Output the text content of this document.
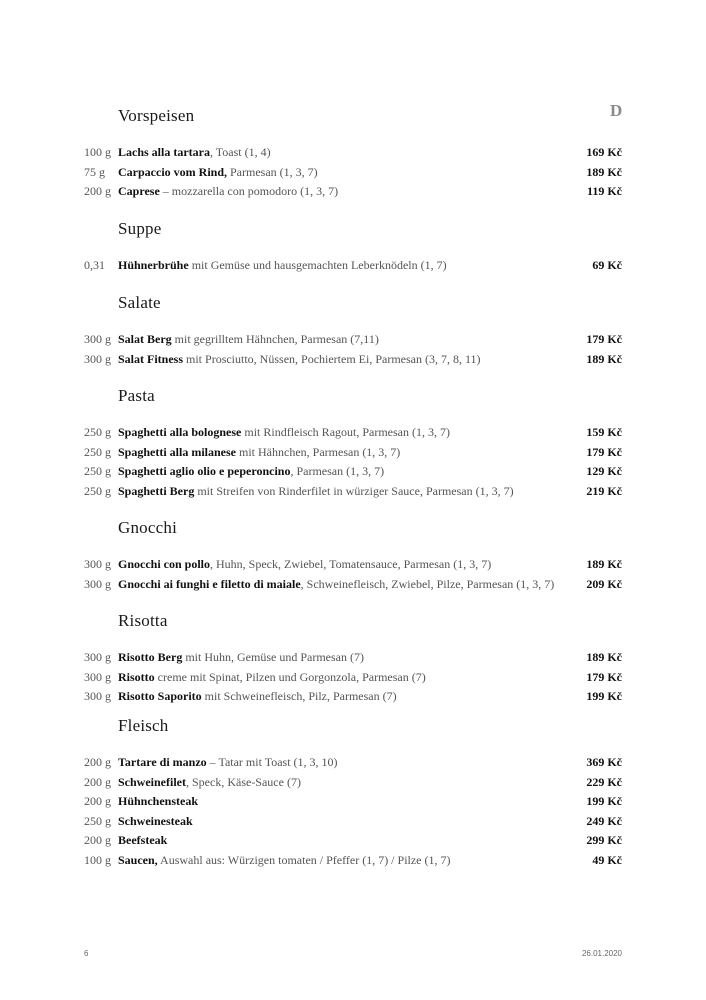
D
Vorspeisen
100 g Lachs alla tartara, Toast (1, 4)	169 Kč
75 g Carpaccio vom Rind, Parmesan (1, 3, 7)	189 Kč
200 g Caprese – mozzarella con pomodoro (1, 3, 7)	119 Kč
Suppe
0,31 Hühnerbrühe mit Gemüse und hausgemachten Leberknödeln (1, 7)	69 Kč
Salate
300 g Salat Berg mit gegrilltem Hähnchen, Parmesan (7,11)	179 Kč
300 g Salat Fitness mit Prosciutto, Nüssen, Pochiertem Ei, Parmesan (3, 7, 8, 11)	189 Kč
Pasta
250 g Spaghetti alla bolognese mit Rindfleisch Ragout, Parmesan (1, 3, 7)	159 Kč
250 g Spaghetti alla milanese mit Hähnchen, Parmesan (1, 3, 7)	179 Kč
250 g Spaghetti aglio olio e peperoncino, Parmesan (1, 3, 7)	129 Kč
250 g Spaghetti Berg mit Streifen von Rinderfilet in würziger Sauce, Parmesan (1, 3, 7)	219 Kč
Gnocchi
300 g Gnocchi con pollo, Huhn, Speck, Zwiebel, Tomatensauce, Parmesan (1, 3, 7)	189 Kč
300 g Gnocchi ai funghi e filetto di maiale, Schweinefleisch, Zwiebel, Pilze, Parmesan (1, 3, 7)	209 Kč
Risotta
300 g Risotto Berg mit Huhn, Gemüse und Parmesan (7)	189 Kč
300 g Risotto creme mit Spinat, Pilzen und Gorgonzola, Parmesan (7)	179 Kč
300 g Risotto Saporito mit Schweinefleisch, Pilz, Parmesan (7)	199 Kč
Fleisch
200 g Tartare di manzo – Tatar mit Toast (1, 3, 10)	369 Kč
200 g Schweinefilet, Speck, Käse-Sauce (7)	229 Kč
200 g Hühnchensteak	199 Kč
250 g Schweinesteak	249 Kč
200 g Beefsteak	299 Kč
100 g Saucen, Auswahl aus: Würzigen tomaten / Pfeffer (1, 7) / Pilze (1, 7)	49 Kč
6	26.01.2020
